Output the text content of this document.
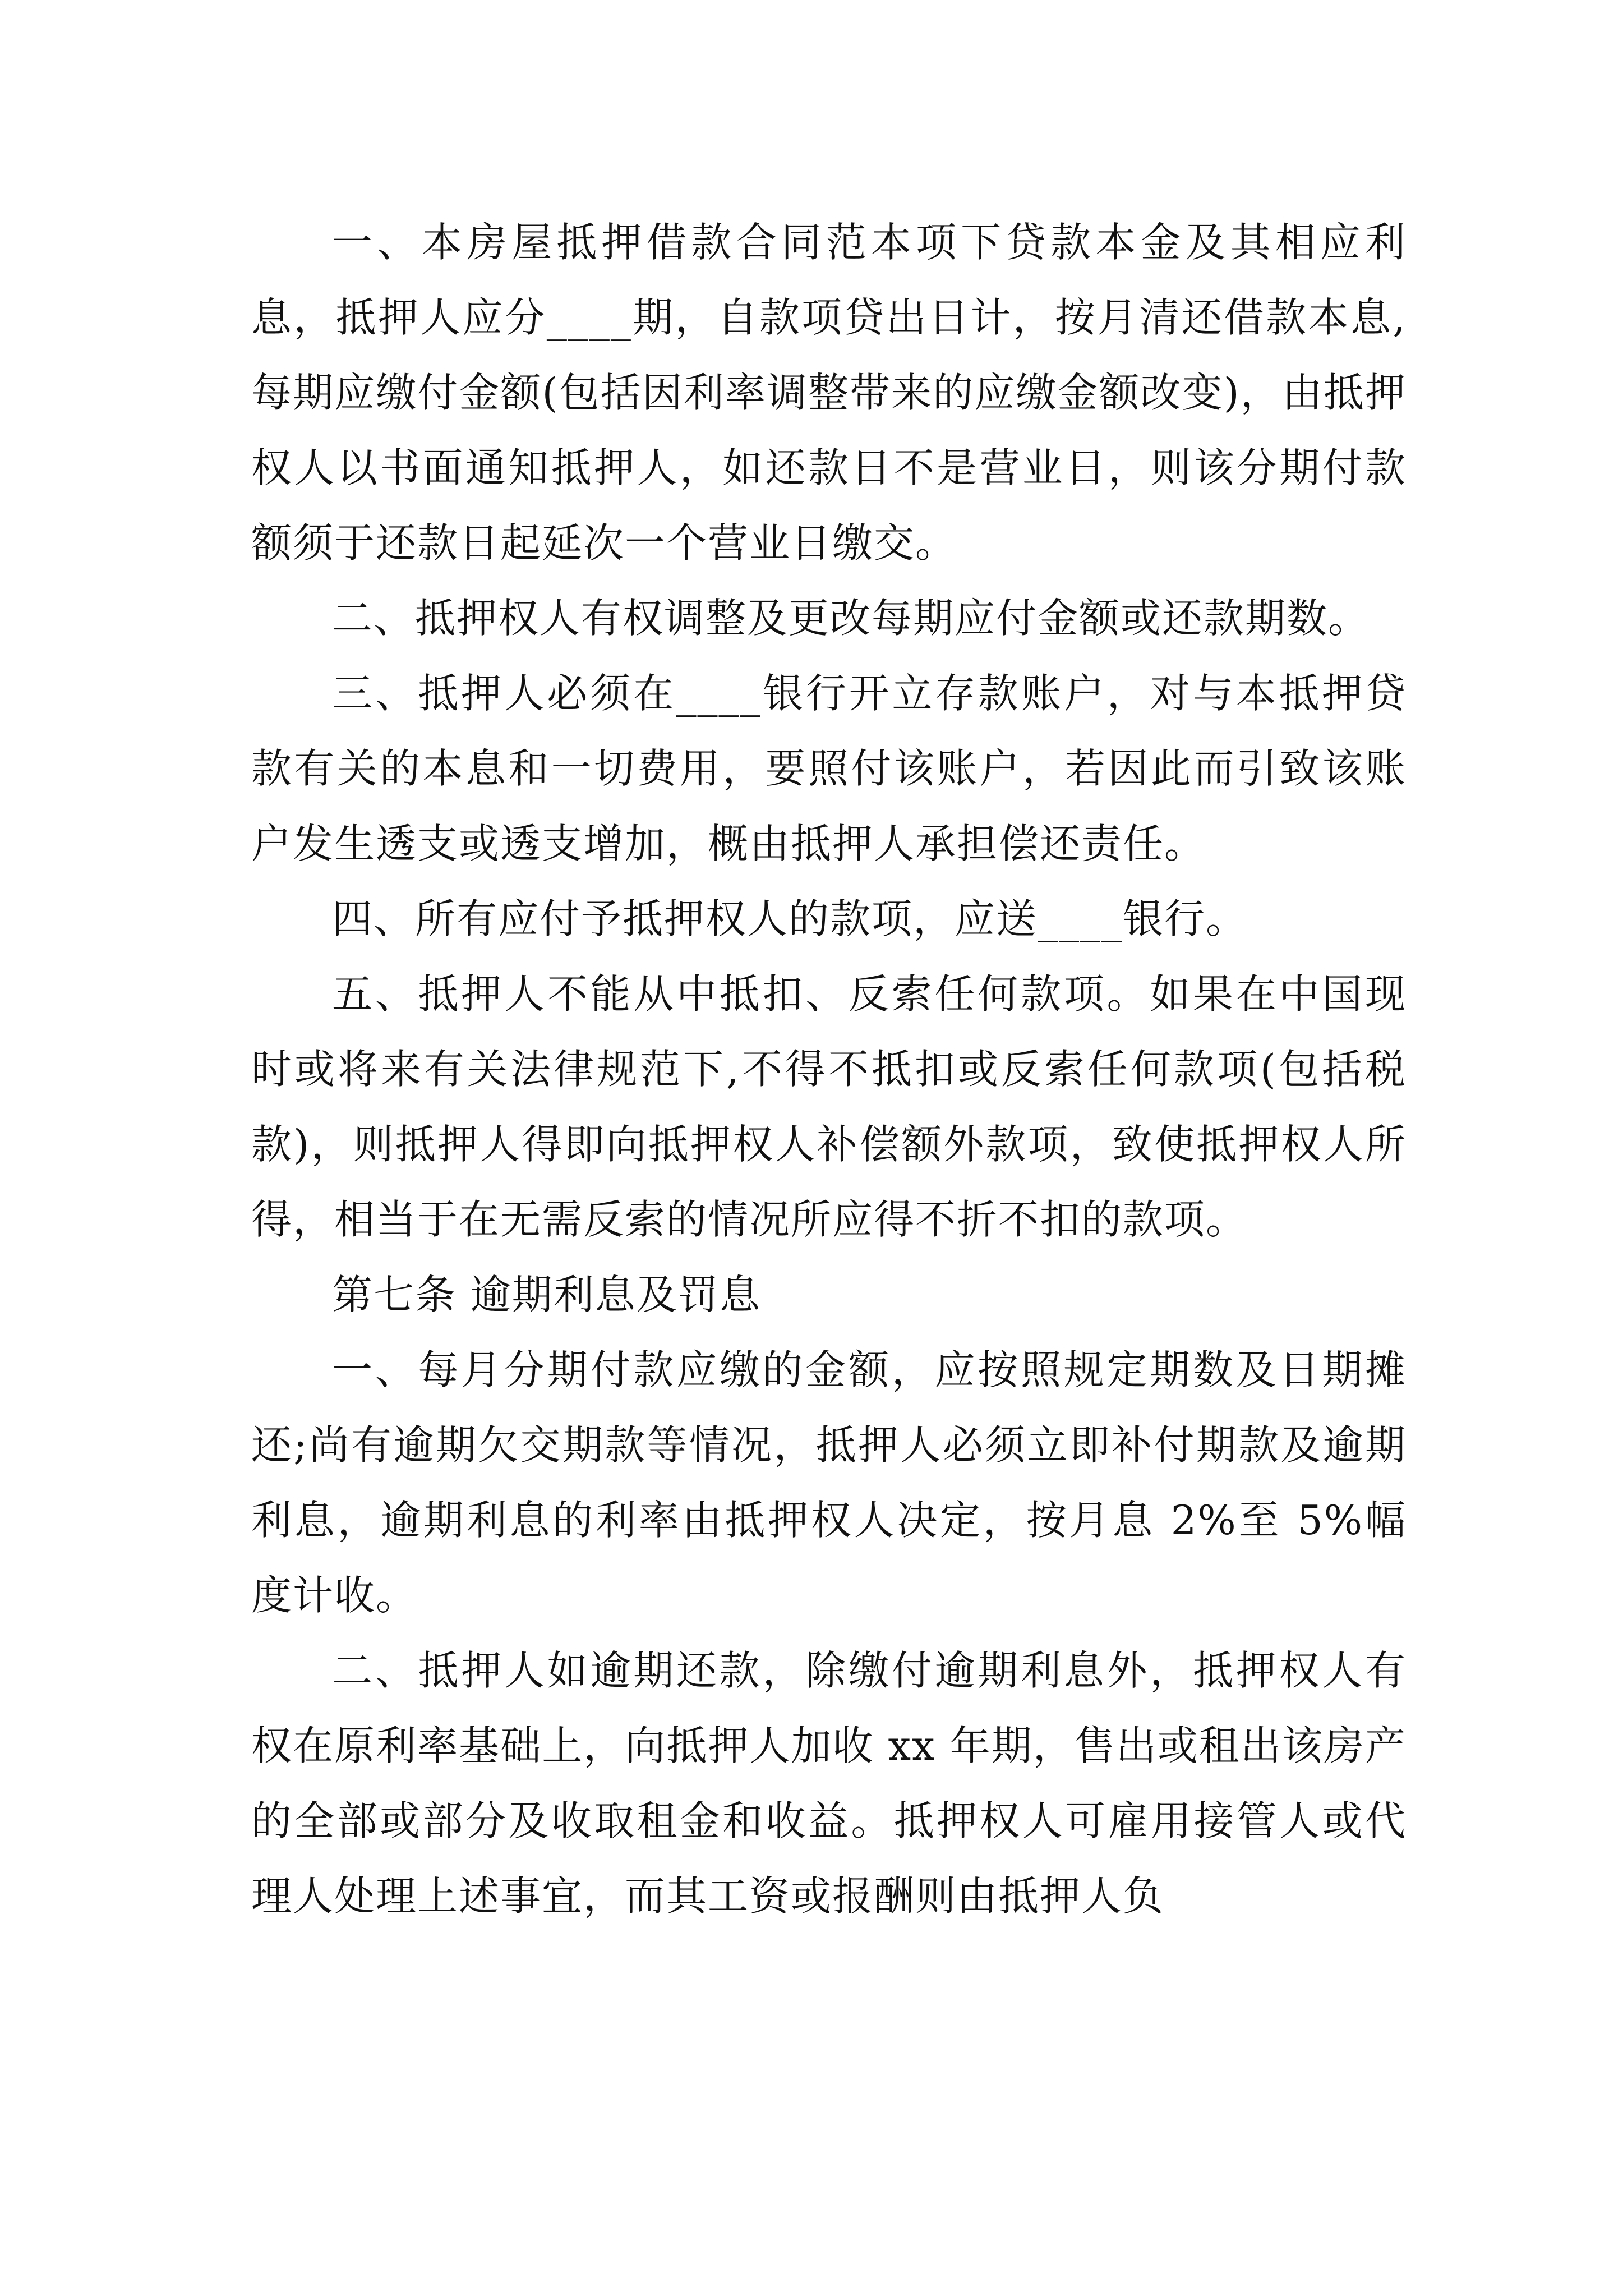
一、本房屋抵押借款合同范本项下贷款本金及其相应利息，抵押人应分____期，自款项贷出日计，按月清还借款本息,每期应缴付金额(包括因利率调整带来的应缴金额改变)，由抵押权人以书面通知抵押人，如还款日不是营业日，则该分期付款额须于还款日起延次一个营业日缴交。

二、抵押权人有权调整及更改每期应付金额或还款期数。

三、抵押人必须在____银行开立存款账户，对与本抵押贷款有关的本息和一切费用，要照付该账户，若因此而引致该账户发生透支或透支增加，概由抵押人承担偿还责任。

四、所有应付予抵押权人的款项，应送____银行。

五、抵押人不能从中抵扣、反索任何款项。如果在中国现时或将来有关法律规范下,不得不抵扣或反索任何款项(包括税款)，则抵押人得即向抵押权人补偿额外款项，致使抵押权人所得，相当于在无需反索的情况所应得不折不扣的款项。

第七条 逾期利息及罚息

一、每月分期付款应缴的金额，应按照规定期数及日期摊还;尚有逾期欠交期款等情况，抵押人必须立即补付期款及逾期利息，逾期利息的利率由抵押权人决定，按月息 2%至 5%幅度计收。

二、抵押人如逾期还款，除缴付逾期利息外，抵押权人有权在原利率基础上，向抵押人加收 xx 年期，售出或租出该房产的全部或部分及收取租金和收益。抵押权人可雇用接管人或代理人处理上述事宜，而其工资或报酬则由抵押人负
